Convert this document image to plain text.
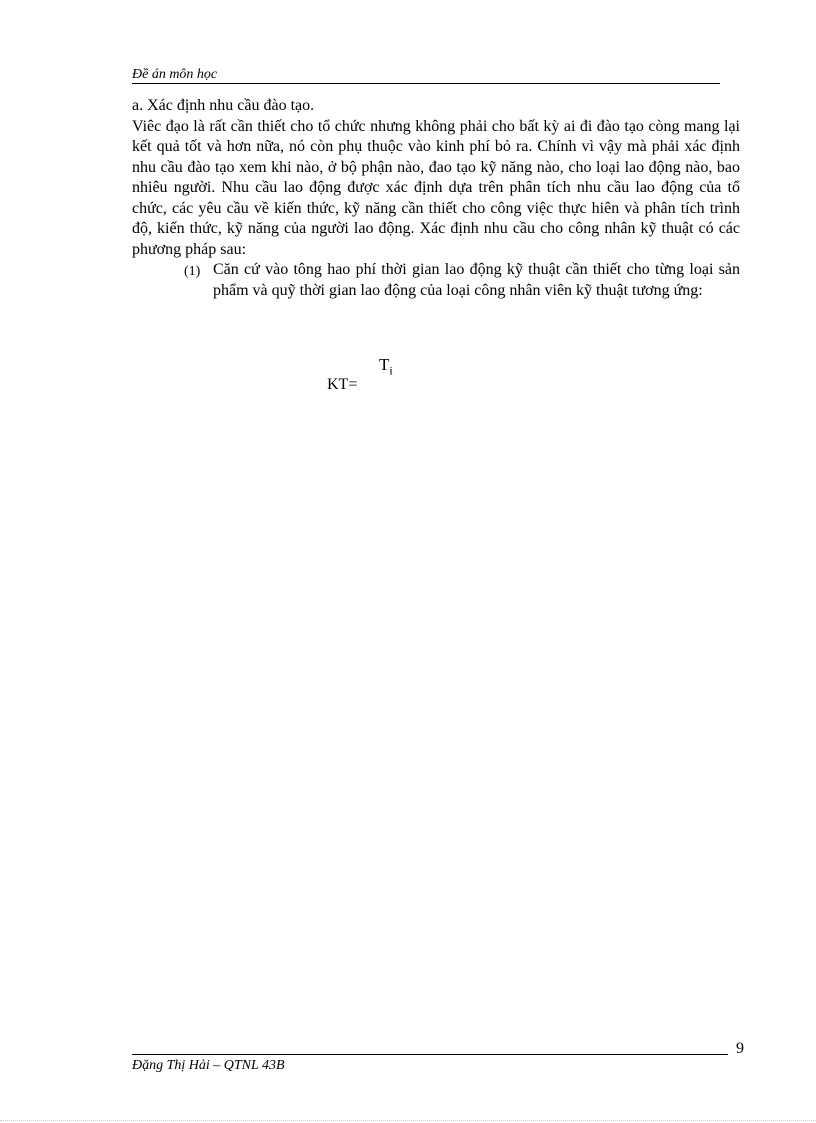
Đề án môn học

a. Xác định nhu cầu đào tạo.

Viêc đạo là rất cần thiết cho tổ chức nhưng không phải cho bất kỳ ai đi đào tạo còng mang lại kết quả tốt và hơn nữa, nó còn phụ thuộc vào kinh phí bỏ ra. Chính vì vậy mà phải xác định nhu cầu đào tạo xem khi nào, ở bộ phận nào, đao tạo kỹ năng nào, cho loại lao động nào, bao nhiêu người. Nhu cầu lao động được xác định dựa trên phân tích nhu cầu lao động của tổ chức, các yêu cầu về kiến thức, kỹ năng cần thiết cho công việc thực hiên và phân tích trình độ, kiến thức, kỹ năng của người lao động. Xác định nhu cầu cho công nhân kỹ thuật có các phương pháp sau:

(1) Căn cứ vào tông hao phí thời gian lao động kỹ thuật cần thiết cho từng loại sản phẩm và quỹ thời gian lao động của loại công nhân viên kỹ thuật tương ứng:
$T_i$
KT=
9
Đặng Thị Hải – QTNL 43B
